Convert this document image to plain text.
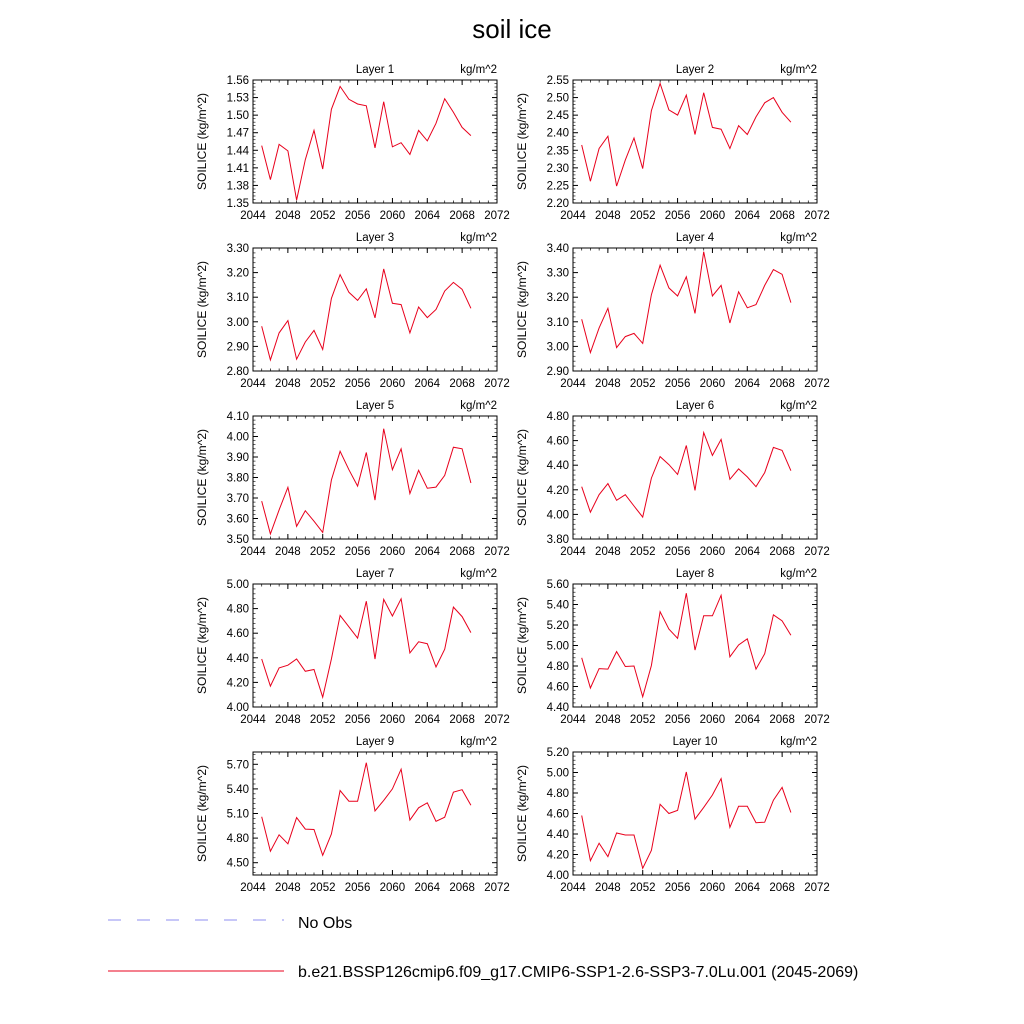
soil ice
2044 2048 2052 2056 2060 2064 2068 2072
1.35
1.38
1.41
1.44
1.47
1.50
1.53
1.56
SOILICE (kg/m^2)
Layer 1	kg/m^2
2044 2048 2052 2056 2060 2064 2068 2072
2.20
2.25
2.30
2.35
2.40
2.45
2.50
2.55
SOILICE (kg/m^2)
Layer 2	kg/m^2
2044 2048 2052 2056 2060 2064 2068 2072
2.80
2.90
3.00
3.10
3.20
3.30
SOILICE (kg/m^2)
Layer 3	kg/m^2
2044 2048 2052 2056 2060 2064 2068 2072
2.90
3.00
3.10
3.20
3.30
3.40
SOILICE (kg/m^2)
Layer 4	kg/m^2
2044 2048 2052 2056 2060 2064 2068 2072
3.50
3.60
3.70
3.80
3.90
4.00
4.10
SOILICE (kg/m^2)
Layer 5	kg/m^2
2044 2048 2052 2056 2060 2064 2068 2072
3.80
4.00
4.20
4.40
4.60
4.80
SOILICE (kg/m^2)
Layer 6	kg/m^2
2044 2048 2052 2056 2060 2064 2068 2072
4.00
4.20
4.40
4.60
4.80
5.00
SOILICE (kg/m^2)
Layer 7	kg/m^2
2044 2048 2052 2056 2060 2064 2068 2072
4.40
4.60
4.80
5.00
5.20
5.40
5.60
SOILICE (kg/m^2)
Layer 8	kg/m^2
2044 2048 2052 2056 2060 2064 2068 2072
4.50
4.80
5.10
5.40
5.70
SOILICE (kg/m^2)
Layer 9	kg/m^2
2044 2048 2052 2056 2060 2064 2068 2072
4.00
4.20
4.40
4.60
4.80
5.00
5.20
SOILICE (kg/m^2)
Layer 10	kg/m^2
No Obs
b.e21.BSSP126cmip6.f09_g17.CMIP6-SSP1-2.6-SSP3-7.0Lu.001 (2045-2069)
